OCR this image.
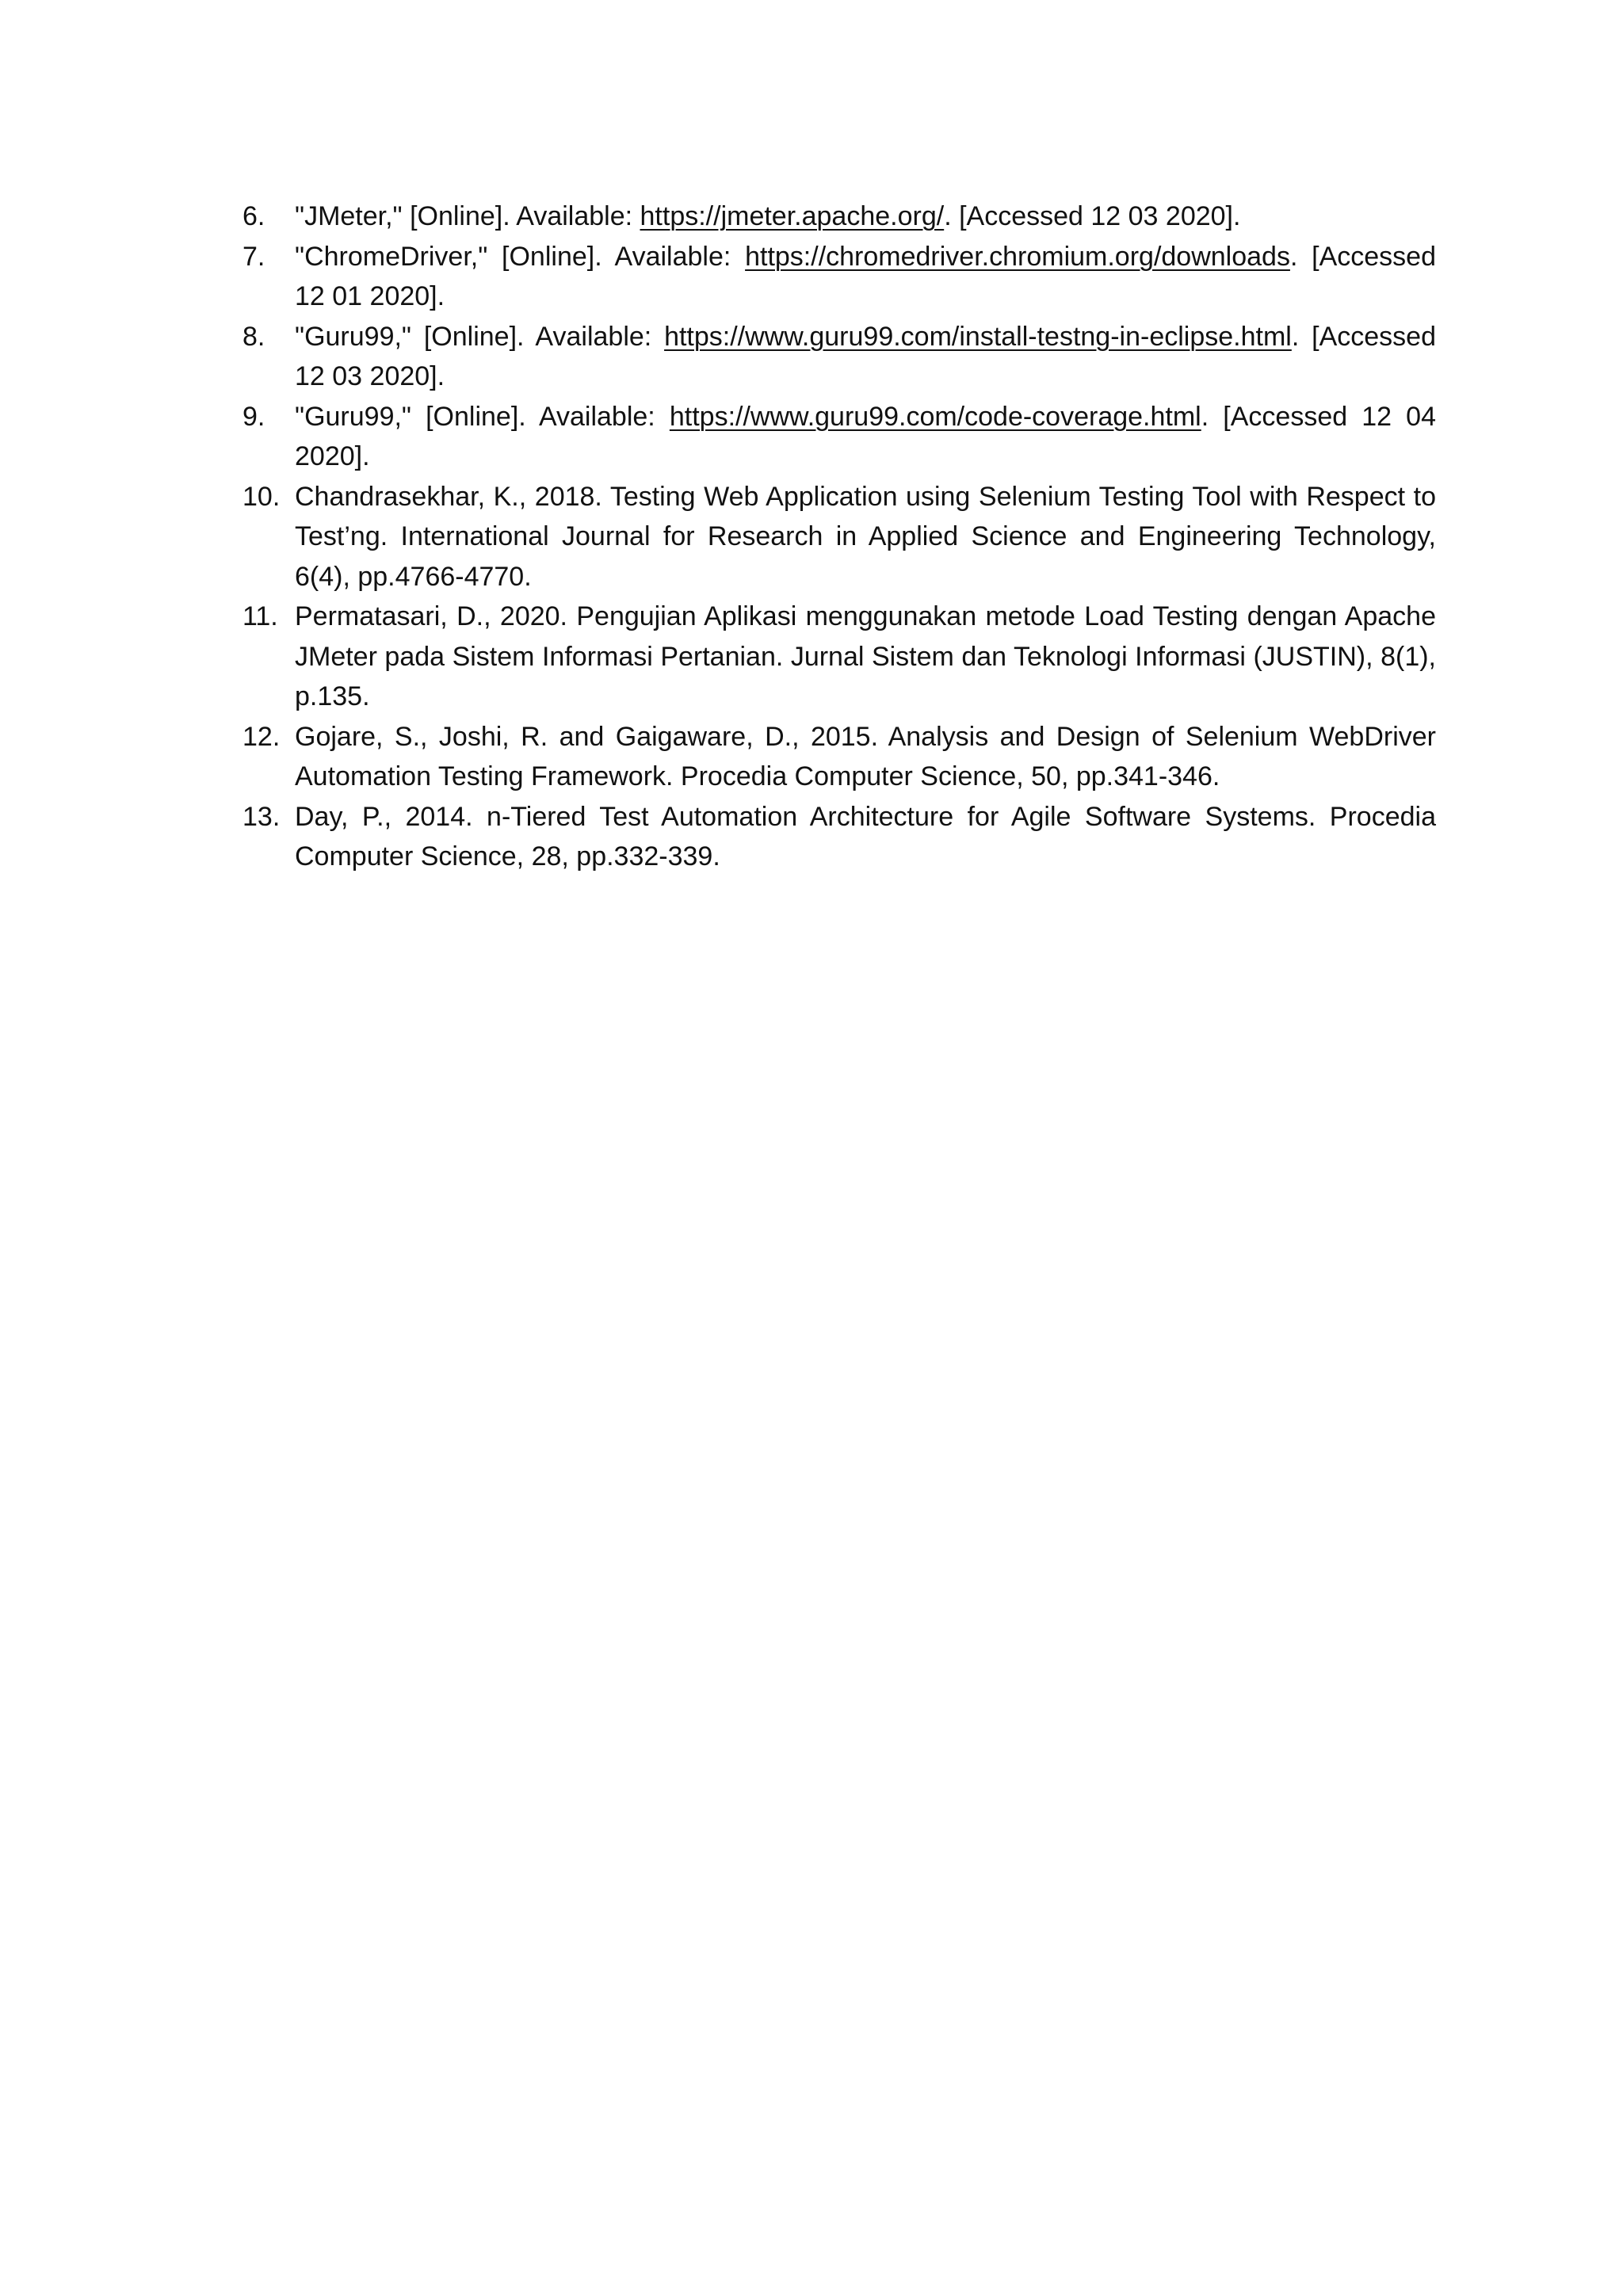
6.	"JMeter," [Online]. Available: https://jmeter.apache.org/. [Accessed 12 03 2020].
7.	"ChromeDriver," [Online]. Available: https://chromedriver.chromium.org/downloads. [Accessed 12 01 2020].
8.	"Guru99," [Online]. Available: https://www.guru99.com/install-testng-in-eclipse.html. [Accessed 12 03 2020].
9.	"Guru99," [Online]. Available: https://www.guru99.com/code-coverage.html. [Accessed 12 04 2020].
10. Chandrasekhar, K., 2018. Testing Web Application using Selenium Testing Tool with Respect to Test’ng. International Journal for Research in Applied Science and Engineering Technology, 6(4), pp.4766-4770.
11. Permatasari, D., 2020. Pengujian Aplikasi menggunakan metode Load Testing dengan Apache JMeter pada Sistem Informasi Pertanian. Jurnal Sistem dan Teknologi Informasi (JUSTIN), 8(1), p.135.
12. Gojare, S., Joshi, R. and Gaigaware, D., 2015. Analysis and Design of Selenium WebDriver Automation Testing Framework. Procedia Computer Science, 50, pp.341-346.
13. Day, P., 2014. n-Tiered Test Automation Architecture for Agile Software Systems. Procedia Computer Science, 28, pp.332-339.
